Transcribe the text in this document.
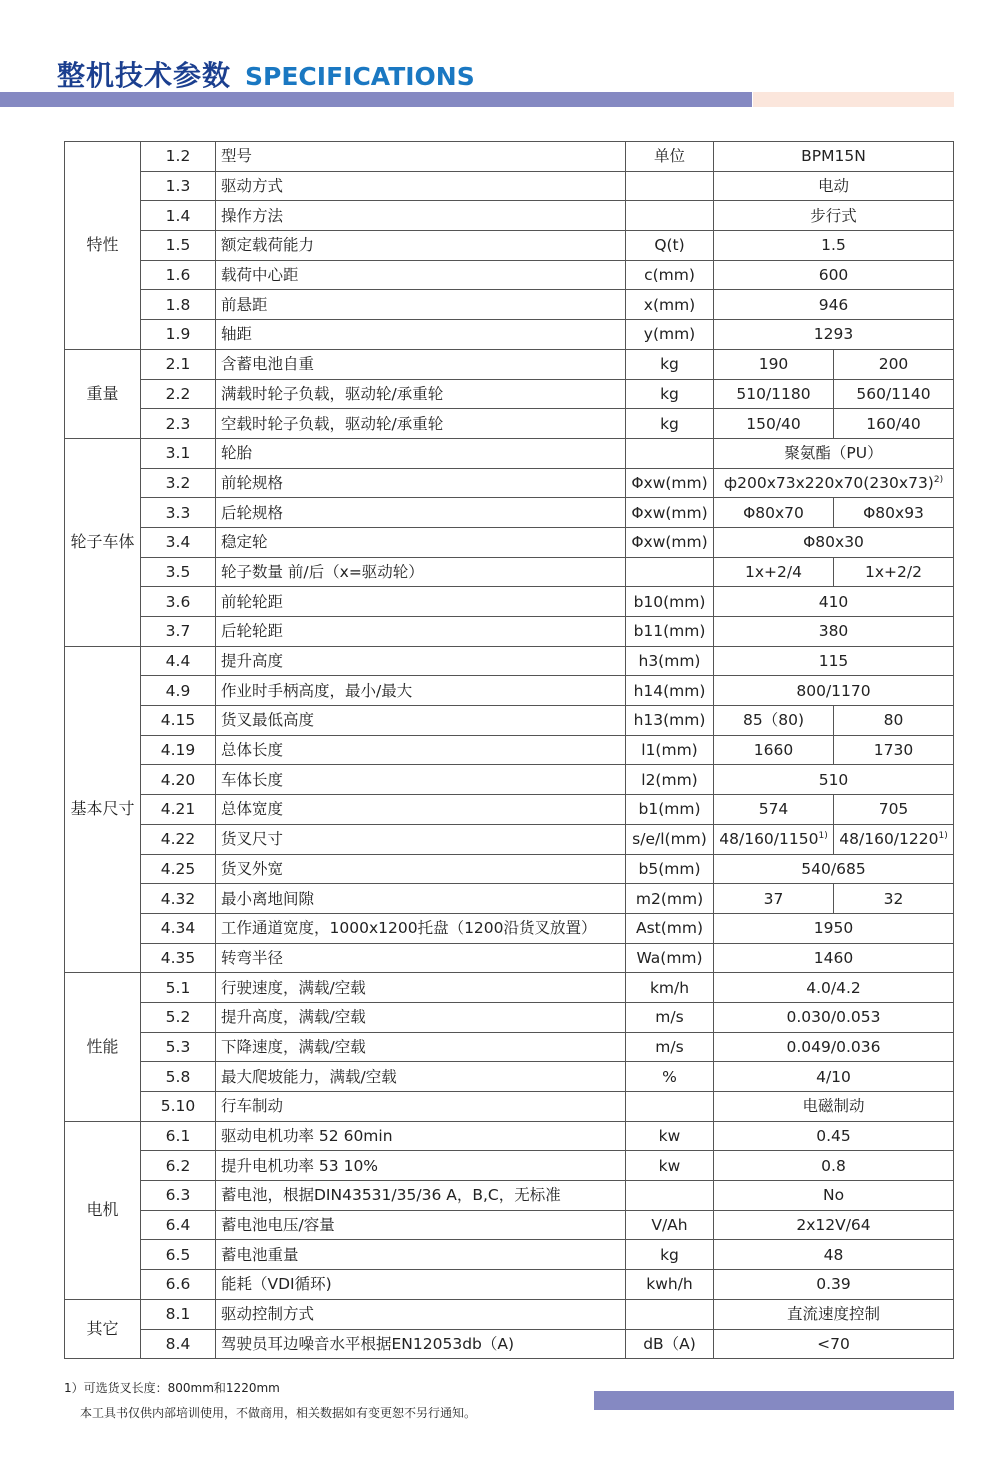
整机技术参数 SPECIFICATIONS
特性	1.2	型号	单位	BPM15N	
	1.3	驱动方式		电动	
	1.4	操作方法		步行式	
	1.5	额定载荷能力	Q(t)	1.5	
	1.6	载荷中心距	c(mm)	600	
	1.8	前悬距	x(mm)	946	
	1.9	轴距	y(mm)	1293	
重量	2.1	含蓄电池自重	kg	190	200
	2.2	满载时轮子负载，驱动轮/承重轮	kg	510/1180	560/1140
	2.3	空载时轮子负载，驱动轮/承重轮	kg	150/40	160/40
轮子车体	3.1	轮胎		聚氨酯（PU）	
	3.2	前轮规格	Φxw(mm)	$ф200x73x220x70(230x73)^{2)}$
	3.3	后轮规格	Φxw(mm)	Φ80x70	Φ80x93
	3.4	稳定轮	Φxw(mm)	Φ80x30	
	3.5	轮子数量 前/后（x=驱动轮）		1x+2/4	1x+2/2
	3.6	前轮轮距	b10(mm)	410	
	3.7	后轮轮距	b11(mm)	380	
基本尺寸	4.4	提升高度	h3(mm)	115	
	4.9	作业时手柄高度，最小/最大	h14(mm)	800/1170	
	4.15	货叉最低高度	h13(mm)	85（80)	80
	4.19	总体长度	l1(mm)	1660	1730
	4.20	车体长度	l2(mm)	510	
	4.21	总体宽度	b1(mm)	574	705
	4.22	货叉尺寸	s/e/l(mm)	48/160/1150$^{1)}$	48/160/1220$^{1)}$
	4.25	货叉外宽	b5(mm)	540/685	
	4.32	最小离地间隙	m2(mm)	37	32
	4.34	工作通道宽度，1000x1200托盘（1200沿货叉放置）	Ast(mm)	1950	
	4.35	转弯半径	Wa(mm)	1460	
性能	5.1	行驶速度，满载/空载	km/h	4.0/4.2	
	5.2	提升高度，满载/空载	m/s	0.030/0.053	
	5.3	下降速度，满载/空载	m/s	0.049/0.036	
	5.8	最大爬坡能力，满载/空载	%	4/10	
	5.10	行车制动		电磁制动	
电机	6.1	驱动电机功率 52 60min	kw	0.45	
	6.2	提升电机功率 53 10%	kw	0.8	
	6.3	蓄电池，根据DIN43531/35/36 A，B,C，无标准		No	
	6.4	蓄电池电压/容量	V/Ah	2x12V/64	
	6.5	蓄电池重量	kg	48	
	6.6	能耗（VDI循环)	kwh/h	0.39	
其它	8.1	驱动控制方式		直流速度控制	
	8.4	驾驶员耳边噪音水平根据EN12053db（A)	dB（A)	<70	
1）可选货叉长度：800mm和1220mm
本工具书仅供内部培训使用，不做商用，相关数据如有变更恕不另行通知。
